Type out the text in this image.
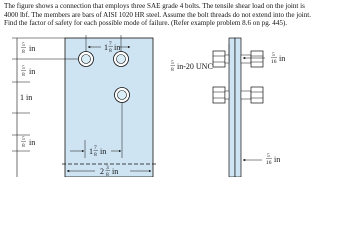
The figure shows a connection that employs three SAE grade 4 bolts. The tensile shear load on the joint is

4000 lbf. The members are bars of AISI 1020 HR steel. Assume the bolt threads do not extend into the joint.

Find the factor of safety for each possible mode of failure. (Refer example problem 8.6 on pg. 445).

5
8 in
5
8 in
1 in
5
8 in
1 7
8 in
1 7
8 in
2 3
8 in
5
8 in-20 UNC
5
16 in
5
16 in
